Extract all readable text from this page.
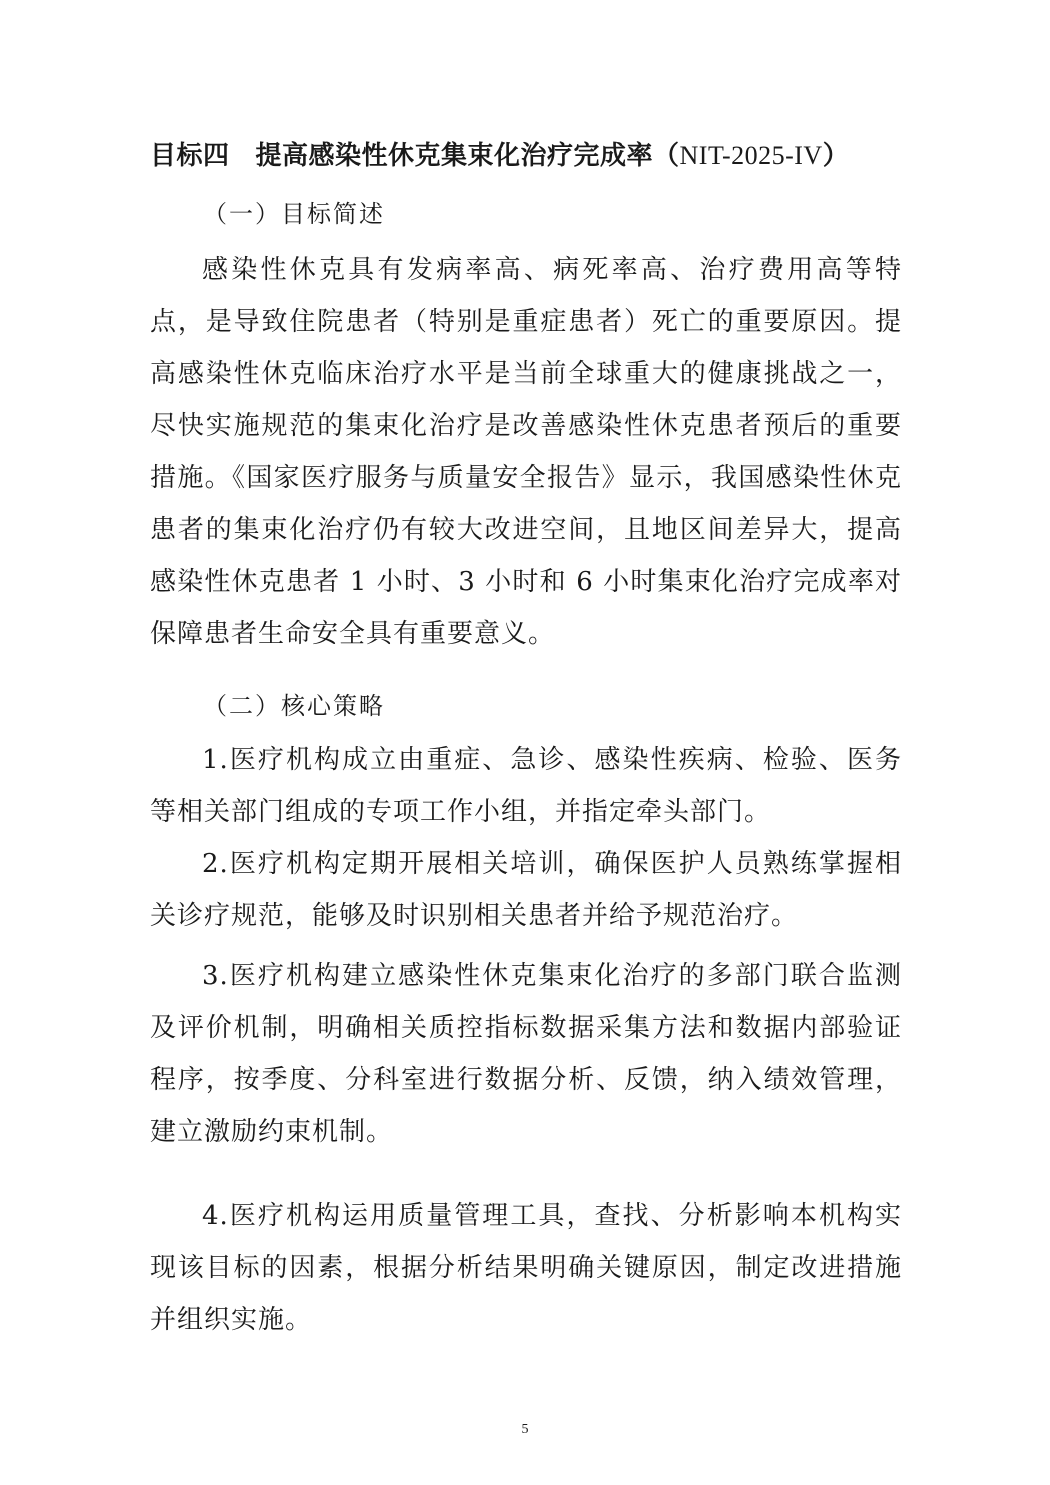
目标四 提高感染性休克集束化治疗完成率（NIT-2025-IV）
（一）目标简述

感染性休克具有发病率高、病死率高、治疗费用高等特点，是导致住院患者（特别是重症患者）死亡的重要原因。提高感染性休克临床治疗水平是当前全球重大的健康挑战之一，尽快实施规范的集束化治疗是改善感染性休克患者预后的重要措施。《国家医疗服务与质量安全报告》显示，我国感染性休克患者的集束化治疗仍有较大改进空间，且地区间差异大，提高感染性休克患者 1 小时、3 小时和 6 小时集束化治疗完成率对保障患者生命安全具有重要意义。

（二）核心策略

1.医疗机构成立由重症、急诊、感染性疾病、检验、医务等相关部门组成的专项工作小组，并指定牵头部门。

2.医疗机构定期开展相关培训，确保医护人员熟练掌握相关诊疗规范，能够及时识别相关患者并给予规范治疗。

3.医疗机构建立感染性休克集束化治疗的多部门联合监测及评价机制，明确相关质控指标数据采集方法和数据内部验证程序，按季度、分科室进行数据分析、反馈，纳入绩效管理，建立激励约束机制。

4.医疗机构运用质量管理工具，查找、分析影响本机构实现该目标的因素，根据分析结果明确关键原因，制定改进措施并组织实施。

5
